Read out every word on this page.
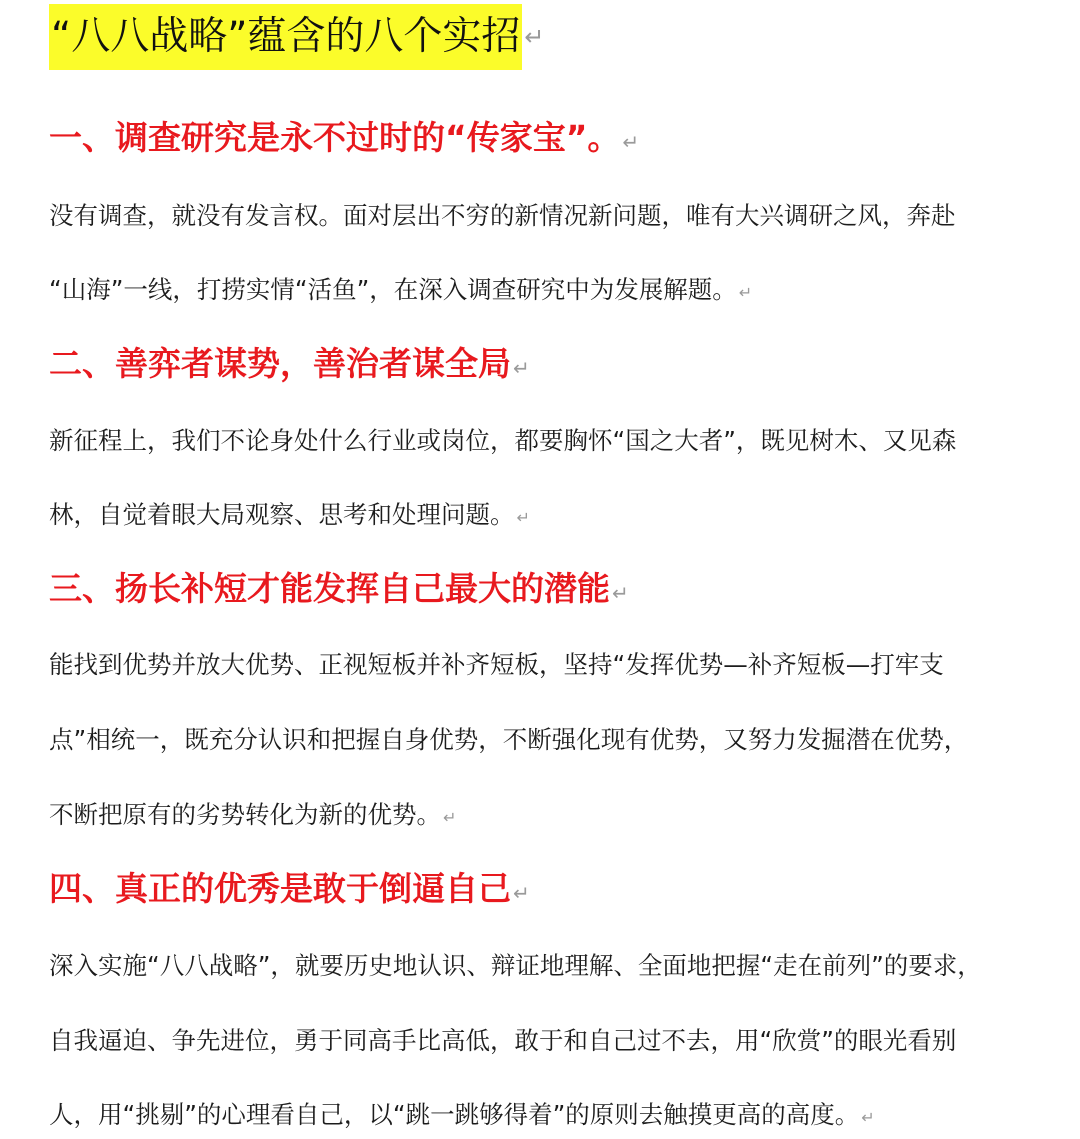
“八八战略”蕴含的八个实招 ↵
一、调查研究是永不过时的“传家宝”。 ↵
没有调查，就没有发言权。面对层出不穷的新情况新问题，唯有大兴调研之风，奔赴
“山海”一线，打捞实情“活鱼”，在深入调查研究中为发展解题。 ↵
二、善弈者谋势，善治者谋全局 ↵
新征程上，我们不论身处什么行业或岗位，都要胸怀“国之大者”，既见树木、又见森
林，自觉着眼大局观察、思考和处理问题。 ↵
三、扬长补短才能发挥自己最大的潜能 ↵
能找到优势并放大优势、正视短板并补齐短板，坚持“发挥优势—补齐短板—打牢支
点”相统一，既充分认识和把握自身优势，不断强化现有优势，又努力发掘潜在优势，
不断把原有的劣势转化为新的优势。 ↵
四、真正的优秀是敢于倒逼自己 ↵
深入实施“八八战略”，就要历史地认识、辩证地理解、全面地把握“走在前列”的要求，
自我逼迫、争先进位，勇于同高手比高低，敢于和自己过不去，用“欣赏”的眼光看别
人，用“挑剔”的心理看自己，以“跳一跳够得着”的原则去触摸更高的高度。 ↵
